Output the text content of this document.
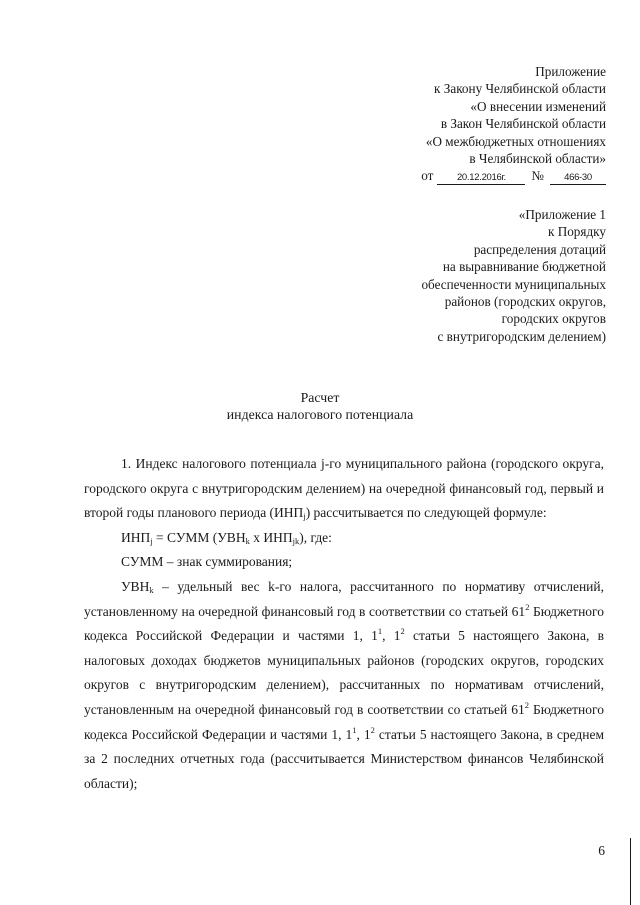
Приложение
к Закону Челябинской области
«О внесении изменений
в Закон Челябинской области
«О межбюджетных отношениях
в Челябинской области»
от 20.12.2016г. № 466-30
«Приложение 1
к Порядку
распределения дотаций
на выравнивание бюджетной
обеспеченности муниципальных
районов (городских округов,
городских округов
с внутригородским делением)
Расчет
индекса налогового потенциала

1. Индекс налогового потенциала j-го муниципального района (городского округа, городского округа с внутригородским делением) на очередной финансовый год, первый и второй годы планового периода $(ИНП_j)$ рассчитывается по следующей формуле:

$ИНП_j$ = СУММ ($УВН_k$ х $ИНП_{jk}$), где:

СУММ – знак суммирования;

$УВН_k$ – удельный вес k-го налога, рассчитанного по нормативу отчислений, установленному на очередной финансовый год в соответствии со статьей $61^2$ Бюджетного кодекса Российской Федерации и частями 1, $1^1$, $1^2$ статьи 5 настоящего Закона, в налоговых доходах бюджетов муниципальных районов (городских округов, городских округов с внутригородским делением), рассчитанных по нормативам отчислений, установленным на очередной финансовый год в соответствии со статьей $61^2$ Бюджетного кодекса Российской Федерации и частями 1, $1^1$, $1^2$ статьи 5 настоящего Закона, в среднем за 2 последних отчетных года (рассчитывается Министерством финансов Челябинской области);

6
